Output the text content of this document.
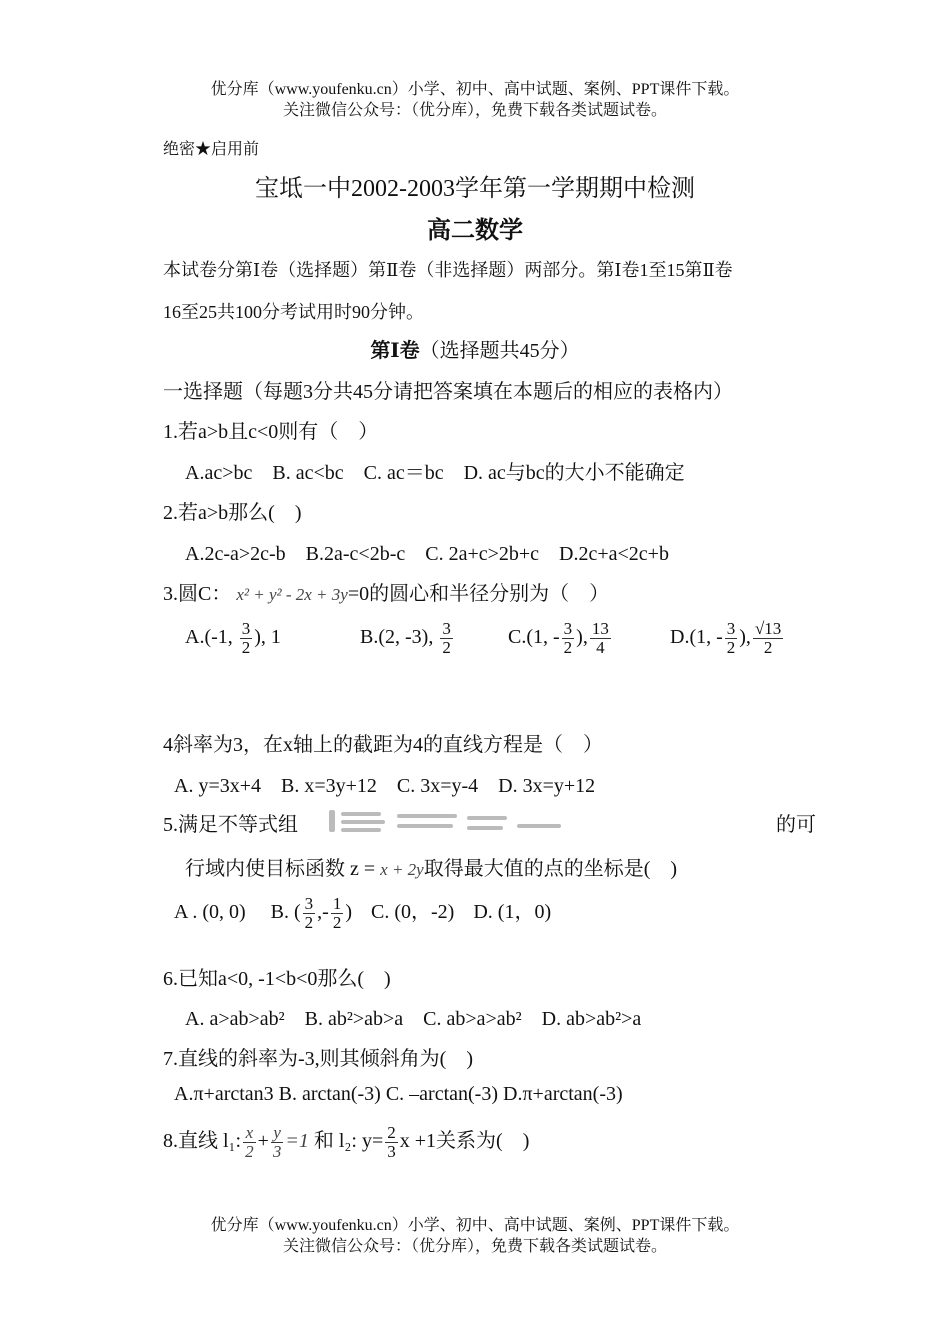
优分库（www.youfenku.cn）小学、初中、高中试题、案例、PPT课件下载。
关注微信公众号：（优分库），免费下载各类试题试卷。
绝密★启用前
宝坻一中2002-2003学年第一学期期中检测
高二数学
本试卷分第Ⅰ卷（选择题）第Ⅱ卷（非选择题）两部分。第Ⅰ卷1至15第Ⅱ卷
16至25共100分考试用时90分钟。
第Ⅰ卷（选择题共45分）
一选择题（每题3分共45分请把答案填在本题后的相应的表格内）
1.若a>b且c<0则有（　）
A.ac>bc　B. ac<bc　C. ac＝bc　D. ac与bc的大小不能确定
2.若a>b那么(　)
A.2c-a>2c-b　B.2a-c<2b-c　C. 2a+c>2b+c　D.2c+a<2c+b
3.圆C： x² + y² - 2x + 3y=0的圆心和半径分别为（　）
A.(-1, $\frac{3}{2}$ ), 1	B.(2, -3), $\frac{3}{2}$	C.(1, - $\frac{3}{2}$ ), $\frac{13}{4}$	D.(1, - $\frac{3}{2}$ ), $\frac{√13}{2}$
4斜率为3，在x轴上的截距为4的直线方程是（　）
A. y=3x+4　B. x=3y+12　C. 3x=y-4　D. 3x=y+12
5.满足不等式组	的可
行域内使目标函数 z = x + 2y取得最大值的点的坐标是(　)
A . (0, 0) B. ( $\frac{3}{2}$ ,- $\frac{1}{2}$ ) C. (0，-2) D. (1，0)
6.已知a<0, -1<b<0那么(　)
A. a>ab>ab²　B. ab²>ab>a　C. ab>a>ab²　D. ab>ab²>a
7.直线的斜率为-3,则其倾斜角为(　)
A.π+arctan3 B. arctan(-3) C. –arctan(-3) D.π+arctan(-3)
8.直线 l₁: $\frac{x}{2} + \frac{y}{3} =1$ 和 l₂: $y= \frac{2}{3}$ x +1关系为(　)
优分库（www.youfenku.cn）小学、初中、高中试题、案例、PPT课件下载。
关注微信公众号：（优分库），免费下载各类试题试卷。
